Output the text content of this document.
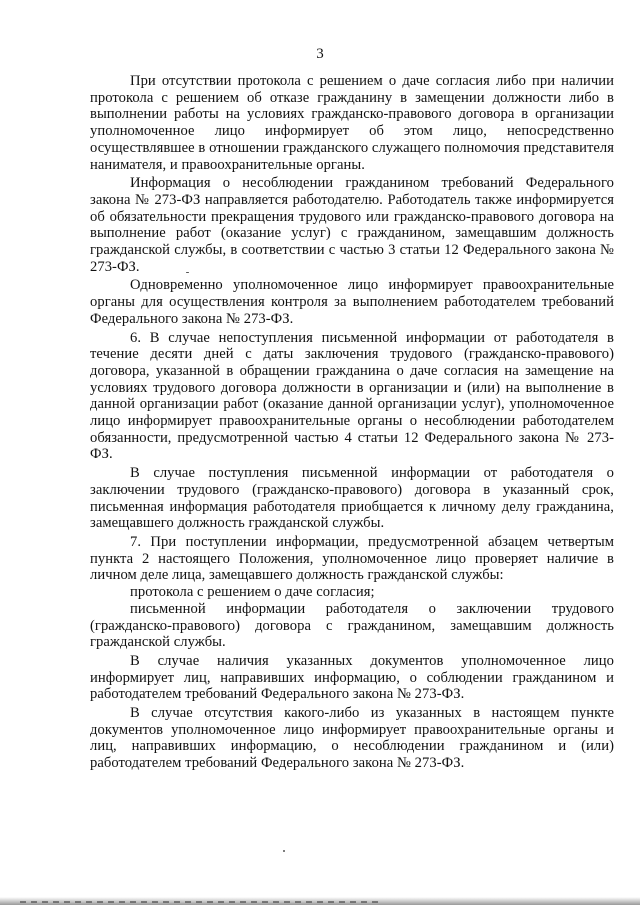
3

При отсутствии протокола с решением о даче согласия либо при наличии протокола с решением об отказе гражданину в замещении должности либо в выполнении работы на условиях гражданско-правового договора в организации уполномоченное лицо информирует об этом лицо, непосредственно осуществлявшее в отношении гражданского служащего полномочия представителя нанимателя, и правоохранительные органы.

Информация о несоблюдении гражданином требований Федерального закона № 273-ФЗ направляется работодателю. Работодатель также информируется об обязательности прекращения трудового или гражданско-правового договора на выполнение работ (оказание услуг) с гражданином, замещавшим должность гражданской службы, в соответствии с частью 3 статьи 12 Федерального закона № 273-ФЗ.

Одновременно уполномоченное лицо информирует правоохранительные органы для осуществления контроля за выполнением работодателем требований Федерального закона № 273-ФЗ.

6. В случае непоступления письменной информации от работодателя в течение десяти дней с даты заключения трудового (гражданско-правового) договора, указанной в обращении гражданина о даче согласия на замещение на условиях трудового договора должности в организации и (или) на выполнение в данной организации работ (оказание данной организации услуг), уполномоченное лицо информирует правоохранительные органы о несоблюдении работодателем обязанности, предусмотренной частью 4 статьи 12 Федерального закона № 273-ФЗ.

В случае поступления письменной информации от работодателя о заключении трудового (гражданско-правового) договора в указанный срок, письменная информация работодателя приобщается к личному делу гражданина, замещавшего должность гражданской службы.

7. При поступлении информации, предусмотренной абзацем четвертым пункта 2 настоящего Положения, уполномоченное лицо проверяет наличие в личном деле лица, замещавшего должность гражданской службы:

протокола с решением о даче согласия;

письменной информации работодателя о заключении трудового (гражданско-правового) договора с гражданином, замещавшим должность гражданской службы.

В случае наличия указанных документов уполномоченное лицо информирует лиц, направивших информацию, о соблюдении гражданином и работодателем требований Федерального закона № 273-ФЗ.

В случае отсутствия какого-либо из указанных в настоящем пункте документов уполномоченное лицо информирует правоохранительные органы и лиц, направивших информацию, о несоблюдении гражданином и (или) работодателем требований Федерального закона № 273-ФЗ.
